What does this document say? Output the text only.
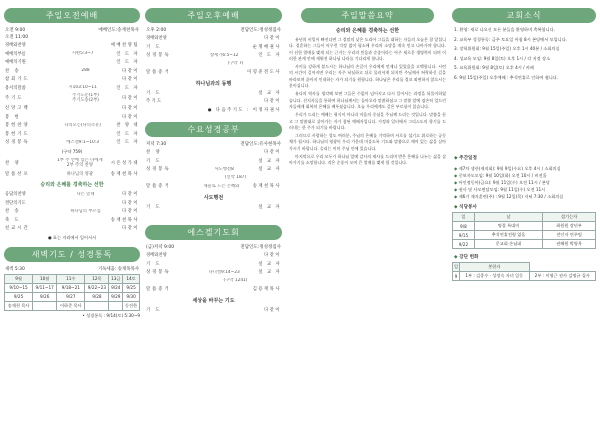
주일오전예배
오전 9:00
오전 11:00
예배인도:송재천목사
경배와찬양	예배찬양팀
예배의부름	시편5:3~7	인 도 자
예배의기원	인 도 자
찬 송	288	다같이
참회기도	다같이
용서의말씀	시103:10~11	인 도 자
주기도
주기도문(1부)
주기도송(2부)	다같이
신앙고백	다같이
봉 헌	다같이
봉헌찬양	나의모든(나의소유)	찬 양 대
봉헌기도	인 도 자
성경봉독	에스겔9:1~10:3	인 도 자
(구약 759)
찬 양
1부 주 안에 있는 나에게
2부 주의 찬양	시온성가대
말씀선포	하나님의 영광	송재천목사
승리와 은혜를 경축하는 선한
응답의찬양	나는 믿네	다같이
결단의기도	다같이
찬 송	하나님의 부르심	다같이
축 도	송재천목사
친교시간	다같이
● 표는 자리에서 일어서서
새벽기도 / 성경통독
새벽 5:30	기독세움: 송재목목사
9월	10월	11수	12목	13금	14토
9/10~15	9/11~17	9/18~21	9/22~23	9/24	9/25
9/25	9/26	9/27	9/28	9/29	9/30
송재천 목사		이하준 목사			동진한
• 성경통독 : 9/14(토) 5:30~9
주일오후예배
오후 2:00	전담인도:정성정집사
경배와찬양	다같이
기 도	순명배권사
성경봉독	창세기6:5~12	인 도 자
(구약 7)
말씀증거	이형준전도사
하나님과의 동행
기 도	설 교 자
주 기 도	다같이
● 다음주기도 : 이정자권사
수요성경공부
저녁 7:30	전담인도:유사현목사
찬 양	다같이
기 도	설 교 자
성경봉독	사도행전8	설 교 자
(신약 187)
말씀증거	제물로 드는 은혜와	송재천목사
사도행전
기 도	설 교 자
에스겔기도회
(금)저녁 9:00	전담인도:정성정집사
경배와찬양	다같이
기 도	설 교 자
성경봉독	다니엘9:14~23	설 교 자
(구약 1241)
말씀증거	김용재목사
세상을 바꾸는 기도
기 도	다같이
주일말씀요약
승리와 은혜를 경축하는 선한

유년의 비밀이 빠진다면 그 결말의 낮은 도리아 그들을 대하는 자들의 오늘은 참 앞섭니다. 결혼하는 그들이 아무런 걱정 없이 평소에 우리의 소망을 계속 믿고 나아가야 합니다. 이 선한 열매를 맺게 되는 근거는 우리의 믿음과 순종이라는 아주 새로운 생명력이 되며 이러한 관계 안에 세워진 하나님 나라를 기다리게 합니다.

사이를 강하게 붙드시는 하나님의 손길이 우리에게 언제나 있었음을 고백합니다. 시련의 시간이 길어지면 우리는 자주 낙심하고 뒤로 물러서게 되지만 주님께서 허락하신 길을 바라보며 끝까지 인내하는 자가 되기를 원합니다. 하나님은 우리를 결코 외면하지 않으시는 분이십니다.

유다의 역사를 생각해 보면 그들은 수없이 넘어지고 다시 일어서는 과정을 되풀이하였습니다. 선지자들을 통하여 하나님께서는 돌아오라 말씀하셨고 그 말씀 앞에 겸손히 엎드린 자들에게 회복의 은혜를 베푸셨습니다. 오늘 우리에게도 같은 부르심이 있습니다.

우리가 드리는 예배는 형식이 아니라 마음의 중심을 주님께 드리는 것입니다. 말씀을 듣고 그 말씀대로 살아가는 자가 참된 예배자입니다. 가정과 일터에서 그리스도의 향기를 드러내는 한 주가 되기를 바랍니다.

그러므로 사랑하는 성도 여러분, 주님의 은혜를 기억하며 서로를 섬기고 위로하는 공동체가 됩시다. 하나님의 영광이 우리 가운데 머물도록 기도와 말씀으로 깨어 있는 삶을 살아가시기 바랍니다. 승리는 이미 주님 안에 있습니다.

마지막으로 우리 모두가 하나님 앞에 감사의 제사를 드리며 받은 은혜를 나누는 삶을 살아가기를 소망합니다. 작은 순종이 모여 큰 열매를 맺게 될 것입니다.

교회소식

1. 환영: 새로 나오신 모든 분들을 환영하며 축복합니다.

2. 교육부 성경통독: 금주 토요일 아침 8시 본당에서 모입니다.

3. 장학위원회: 9월 15일(주일) 오후 1시 40분 / 소회의실

4. 성교육 모임: 9월 8일(토) 오후 1시 / 각 지정 장소

5. 교육위원회: 9월 8일(토) 오후 4시 / 카페

6. 9월 15일(주일) 오후예배 : 추석연휴로 인하여 쉽니다.

◆ 주간일정
◆ 제7차 생산(제직회): 9월 9일(수요) 오후 4시 / 소회의실
◆ 중보자도모임: 9월 10일(화) 오전 10시 / 비전홀
◆ 아인정동아(금요): 9월 11일(수) 오전 11시 / 본당
◆ 권사 및 사모면담모임: 9월 11일(수) 오전 11시
◆ 제6기 제자훈련(주) : 9월 12일(목) 저녁 7:30 / 소회의실
◆ 식당봉사
일	날	섬기는자
9/8	명절 특대미	최원원 장년부
9/15	추석연휴전령 없음	전인자 연주팀
9/22	문교회 손님네	권혜원 박영옥
◆ 강단 헌화
일	봉헌자	
9	1부 : 김종수 · 성정숙 자녀 일동	2부 : 이영근 권사 김명규 집사
